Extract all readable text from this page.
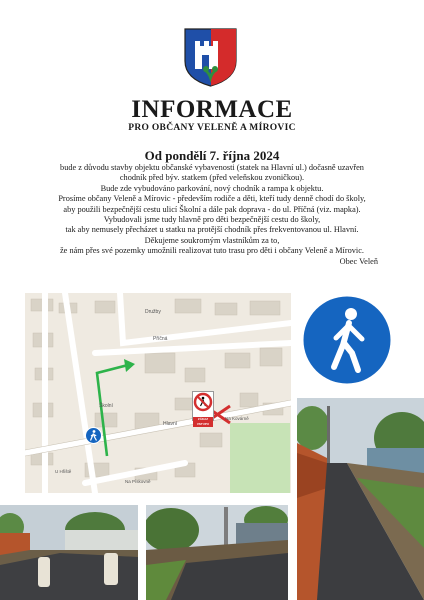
INFORMACE
PRO OBČANY VELENĚ A MÍROVIC
Od pondělí 7. října 2024

bude z důvodu stavby objektu občanské vybavenosti (statek na Hlavní ul.) dočasně uzavřen

chodník před býv. statkem (před veleňskou zvoničkou).

Bude zde vybudováno parkování, nový chodník a rampa k objektu.

Prosíme občany Veleně a Mírovic - především rodiče a děti, kteří tudy denně chodí do školy,

aby použili bezpečnější cestu ulicí Školní a dále pak doprava - do ul. Příčná (viz. mapka).

Vybudovali jsme tudy hlavně pro děti bezpečnější cestu do školy,

tak aby nemusely přecházet u statku na protější chodník přes frekventovanou ul. Hlavní.

Děkujeme soukromým vlastníkům za to,

že nám přes své pozemky umožnili realizovat tuto trasu pro děti i občany Veleně a Mírovic.

Obec Veleň

Družby
Příčná
Školní
Hlavní
Na Kovárně
Na Pískovně
U Hřiště
ZÁKAZ VSTUPU
